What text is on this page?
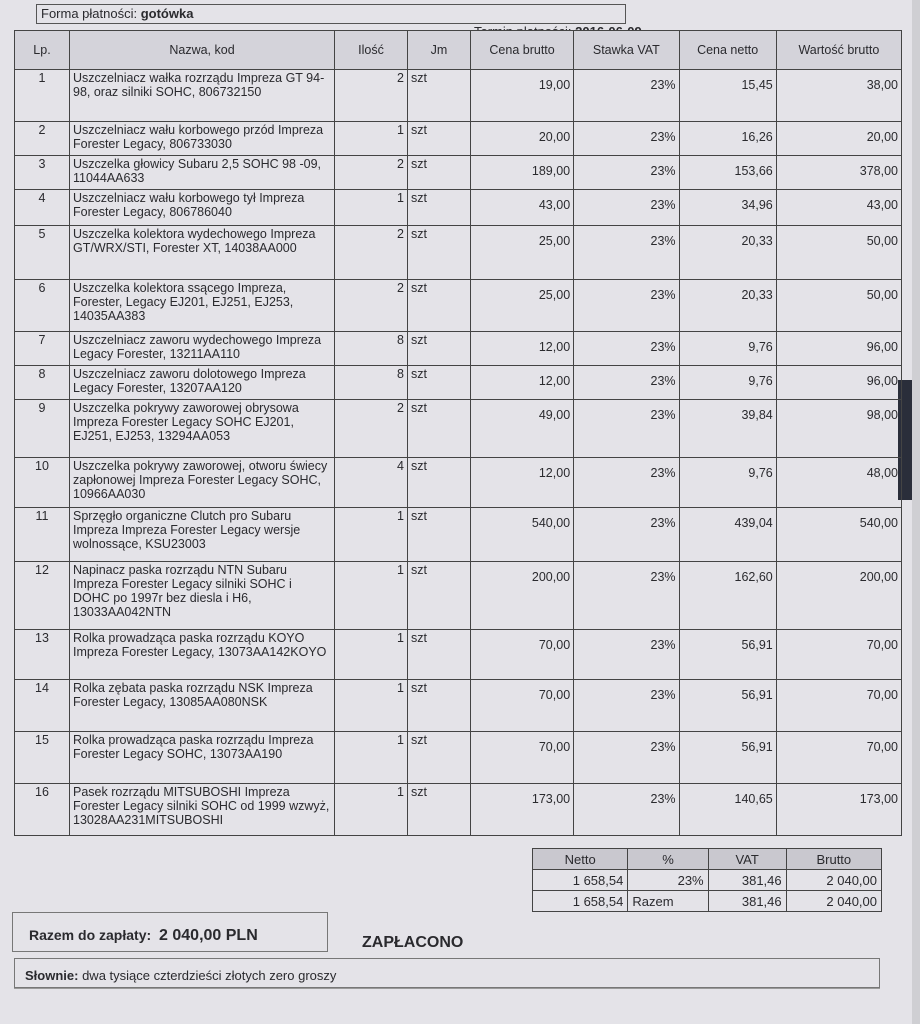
Forma płatności: gotówka
Lp.	Nazwa, kod	Ilość	Jm	Cena brutto	Stawka VAT	Cena netto	Wartość brutto
1	Uszczelniacz wałka rozrządu Impreza GT 94-98, oraz silniki SOHC, 806732150	2	szt	19,00	23%	15,45	38,00
2	Uszczelniacz wału korbowego przód Impreza Forester Legacy, 806733030	1	szt	20,00	23%	16,26	20,00
3	Uszczelka głowicy Subaru 2,5 SOHC 98 -09, 11044AA633	2	szt	189,00	23%	153,66	378,00
4	Uszczelniacz wału korbowego tył Impreza Forester Legacy, 806786040	1	szt	43,00	23%	34,96	43,00
5	Uszczelka kolektora wydechowego Impreza GT/WRX/STI, Forester XT, 14038AA000	2	szt	25,00	23%	20,33	50,00
6	Uszczelka kolektora ssącego Impreza, Forester, Legacy EJ201, EJ251, EJ253, 14035AA383	2	szt	25,00	23%	20,33	50,00
7	Uszczelniacz zaworu wydechowego Impreza Legacy Forester, 13211AA110	8	szt	12,00	23%	9,76	96,00
8	Uszczelniacz zaworu dolotowego Impreza Legacy Forester, 13207AA120	8	szt	12,00	23%	9,76	96,00
9	Uszczelka pokrywy zaworowej obrysowa Impreza Forester Legacy SOHC EJ201, EJ251, EJ253, 13294AA053	2	szt	49,00	23%	39,84	98,00
10	Uszczelka pokrywy zaworowej, otworu świecy zapłonowej Impreza Forester Legacy SOHC, 10966AA030	4	szt	12,00	23%	9,76	48,00
11	Sprzęgło organiczne Clutch pro Subaru Impreza Impreza Forester Legacy wersje wolnossące, KSU23003	1	szt	540,00	23%	439,04	540,00
12	Napinacz paska rozrządu NTN Subaru Impreza Forester Legacy silniki SOHC i DOHC po 1997r bez diesla i H6, 13033AA042NTN	1	szt	200,00	23%	162,60	200,00
13	Rolka prowadząca paska rozrządu KOYO Impreza Forester Legacy, 13073AA142KOYO	1	szt	70,00	23%	56,91	70,00
14	Rolka zębata paska rozrządu NSK Impreza Forester Legacy, 13085AA080NSK	1	szt	70,00	23%	56,91	70,00
15	Rolka prowadząca paska rozrządu Impreza Forester Legacy SOHC, 13073AA190	1	szt	70,00	23%	56,91	70,00
16	Pasek rozrządu MITSUBOSHI Impreza Forester Legacy silniki SOHC od 1999 wzwyż, 13028AA231MITSUBOSHI	1	szt	173,00	23%	140,65	173,00
Netto	%	VAT	Brutto
1 658,54	23%	381,46	2 040,00
1 658,54	Razem	381,46	2 040,00
Razem do zapłaty: 2 040,00 PLN	ZAPŁACONO
Słownie: dwa tysiące czterdzieści złotych zero groszy
